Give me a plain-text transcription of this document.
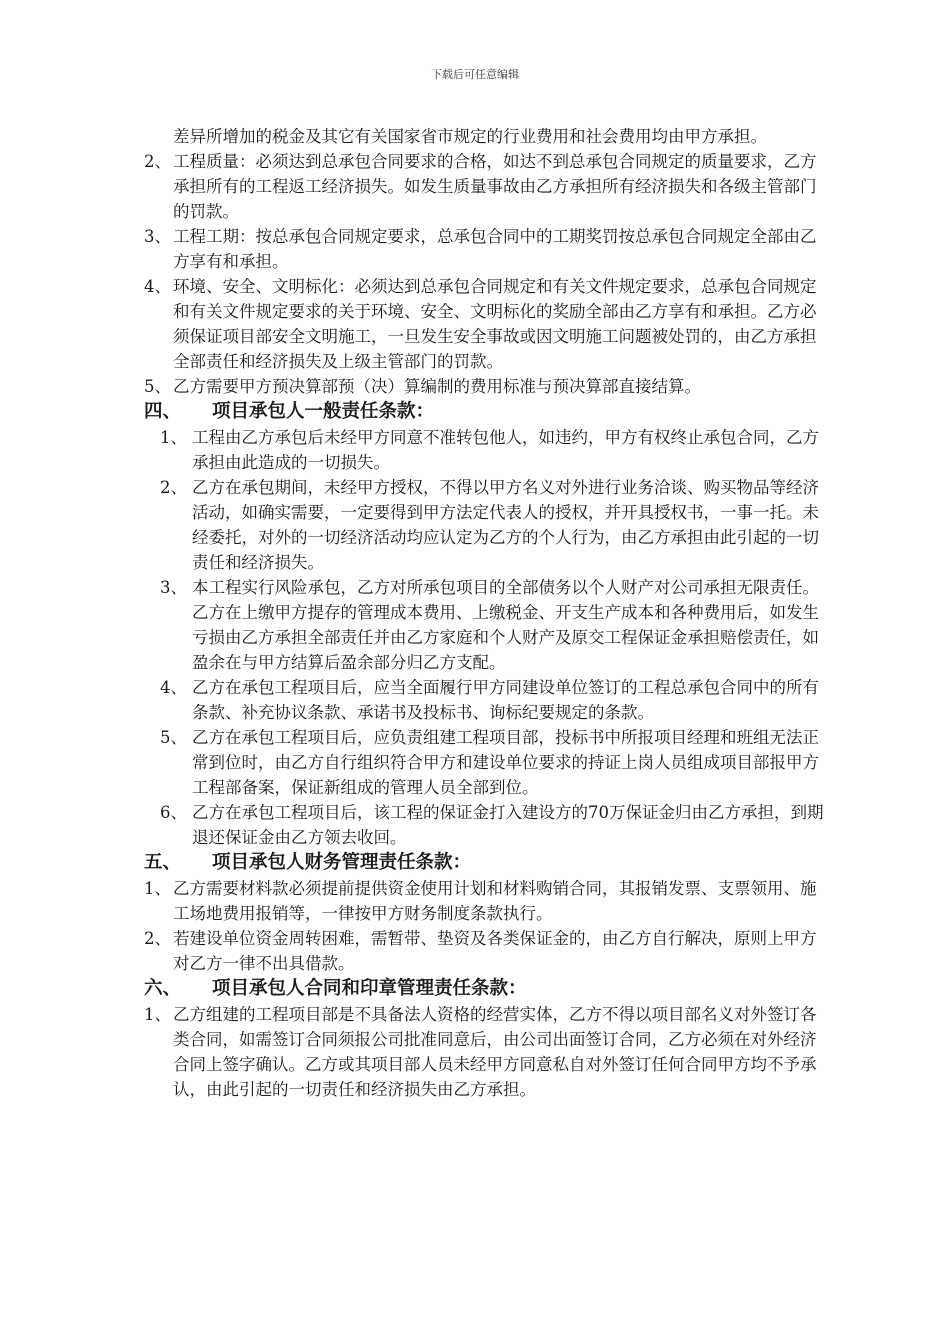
下载后可任意编辑
差异所增加的税金及其它有关国家省市规定的行业费用和社会费用均由甲方承担。
2、 工程质量：必须达到总承包合同要求的合格，如达不到总承包合同规定的质量要求，乙方承担所有的工程返工经济损失。如发生质量事故由乙方承担所有经济损失和各级主管部门的罚款。
3、 工程工期：按总承包合同规定要求，总承包合同中的工期奖罚按总承包合同规定全部由乙方享有和承担。
4、 环境、安全、文明标化：必须达到总承包合同规定和有关文件规定要求，总承包合同规定和有关文件规定要求的关于环境、安全、文明标化的奖励全部由乙方享有和承担。乙方必须保证项目部安全文明施工，一旦发生安全事故或因文明施工问题被处罚的，由乙方承担全部责任和经济损失及上级主管部门的罚款。
5、 乙方需要甲方预决算部预（决）算编制的费用标准与预决算部直接结算。
四、 项目承包人一般责任条款：
1、 工程由乙方承包后未经甲方同意不准转包他人，如违约，甲方有权终止承包合同，乙方承担由此造成的一切损失。
2、 乙方在承包期间，未经甲方授权，不得以甲方名义对外进行业务洽谈、购买物品等经济活动，如确实需要，一定要得到甲方法定代表人的授权，并开具授权书，一事一托。未经委托，对外的一切经济活动均应认定为乙方的个人行为，由乙方承担由此引起的一切责任和经济损失。
3、 本工程实行风险承包，乙方对所承包项目的全部债务以个人财产对公司承担无限责任。乙方在上缴甲方提存的管理成本费用、上缴税金、开支生产成本和各种费用后，如发生亏损由乙方承担全部责任并由乙方家庭和个人财产及原交工程保证金承担赔偿责任，如盈余在与甲方结算后盈余部分归乙方支配。
4、 乙方在承包工程项目后，应当全面履行甲方同建设单位签订的工程总承包合同中的所有条款、补充协议条款、承诺书及投标书、询标纪要规定的条款。
5、 乙方在承包工程项目后，应负责组建工程项目部，投标书中所报项目经理和班组无法正常到位时，由乙方自行组织符合甲方和建设单位要求的持证上岗人员组成项目部报甲方工程部备案，保证新组成的管理人员全部到位。
6、 乙方在承包工程项目后，该工程的保证金打入建设方的70万保证金归由乙方承担，到期退还保证金由乙方领去收回。
五、 项目承包人财务管理责任条款：
1、 乙方需要材料款必须提前提供资金使用计划和材料购销合同，其报销发票、支票领用、施工场地费用报销等，一律按甲方财务制度条款执行。
2、 若建设单位资金周转困难，需暂带、垫资及各类保证金的，由乙方自行解决，原则上甲方对乙方一律不出具借款。
六、 项目承包人合同和印章管理责任条款：
1、 乙方组建的工程项目部是不具备法人资格的经营实体，乙方不得以项目部名义对外签订各类合同，如需签订合同须报公司批准同意后，由公司出面签订合同，乙方必须在对外经济合同上签字确认。乙方或其项目部人员未经甲方同意私自对外签订任何合同甲方均不予承认，由此引起的一切责任和经济损失由乙方承担。
